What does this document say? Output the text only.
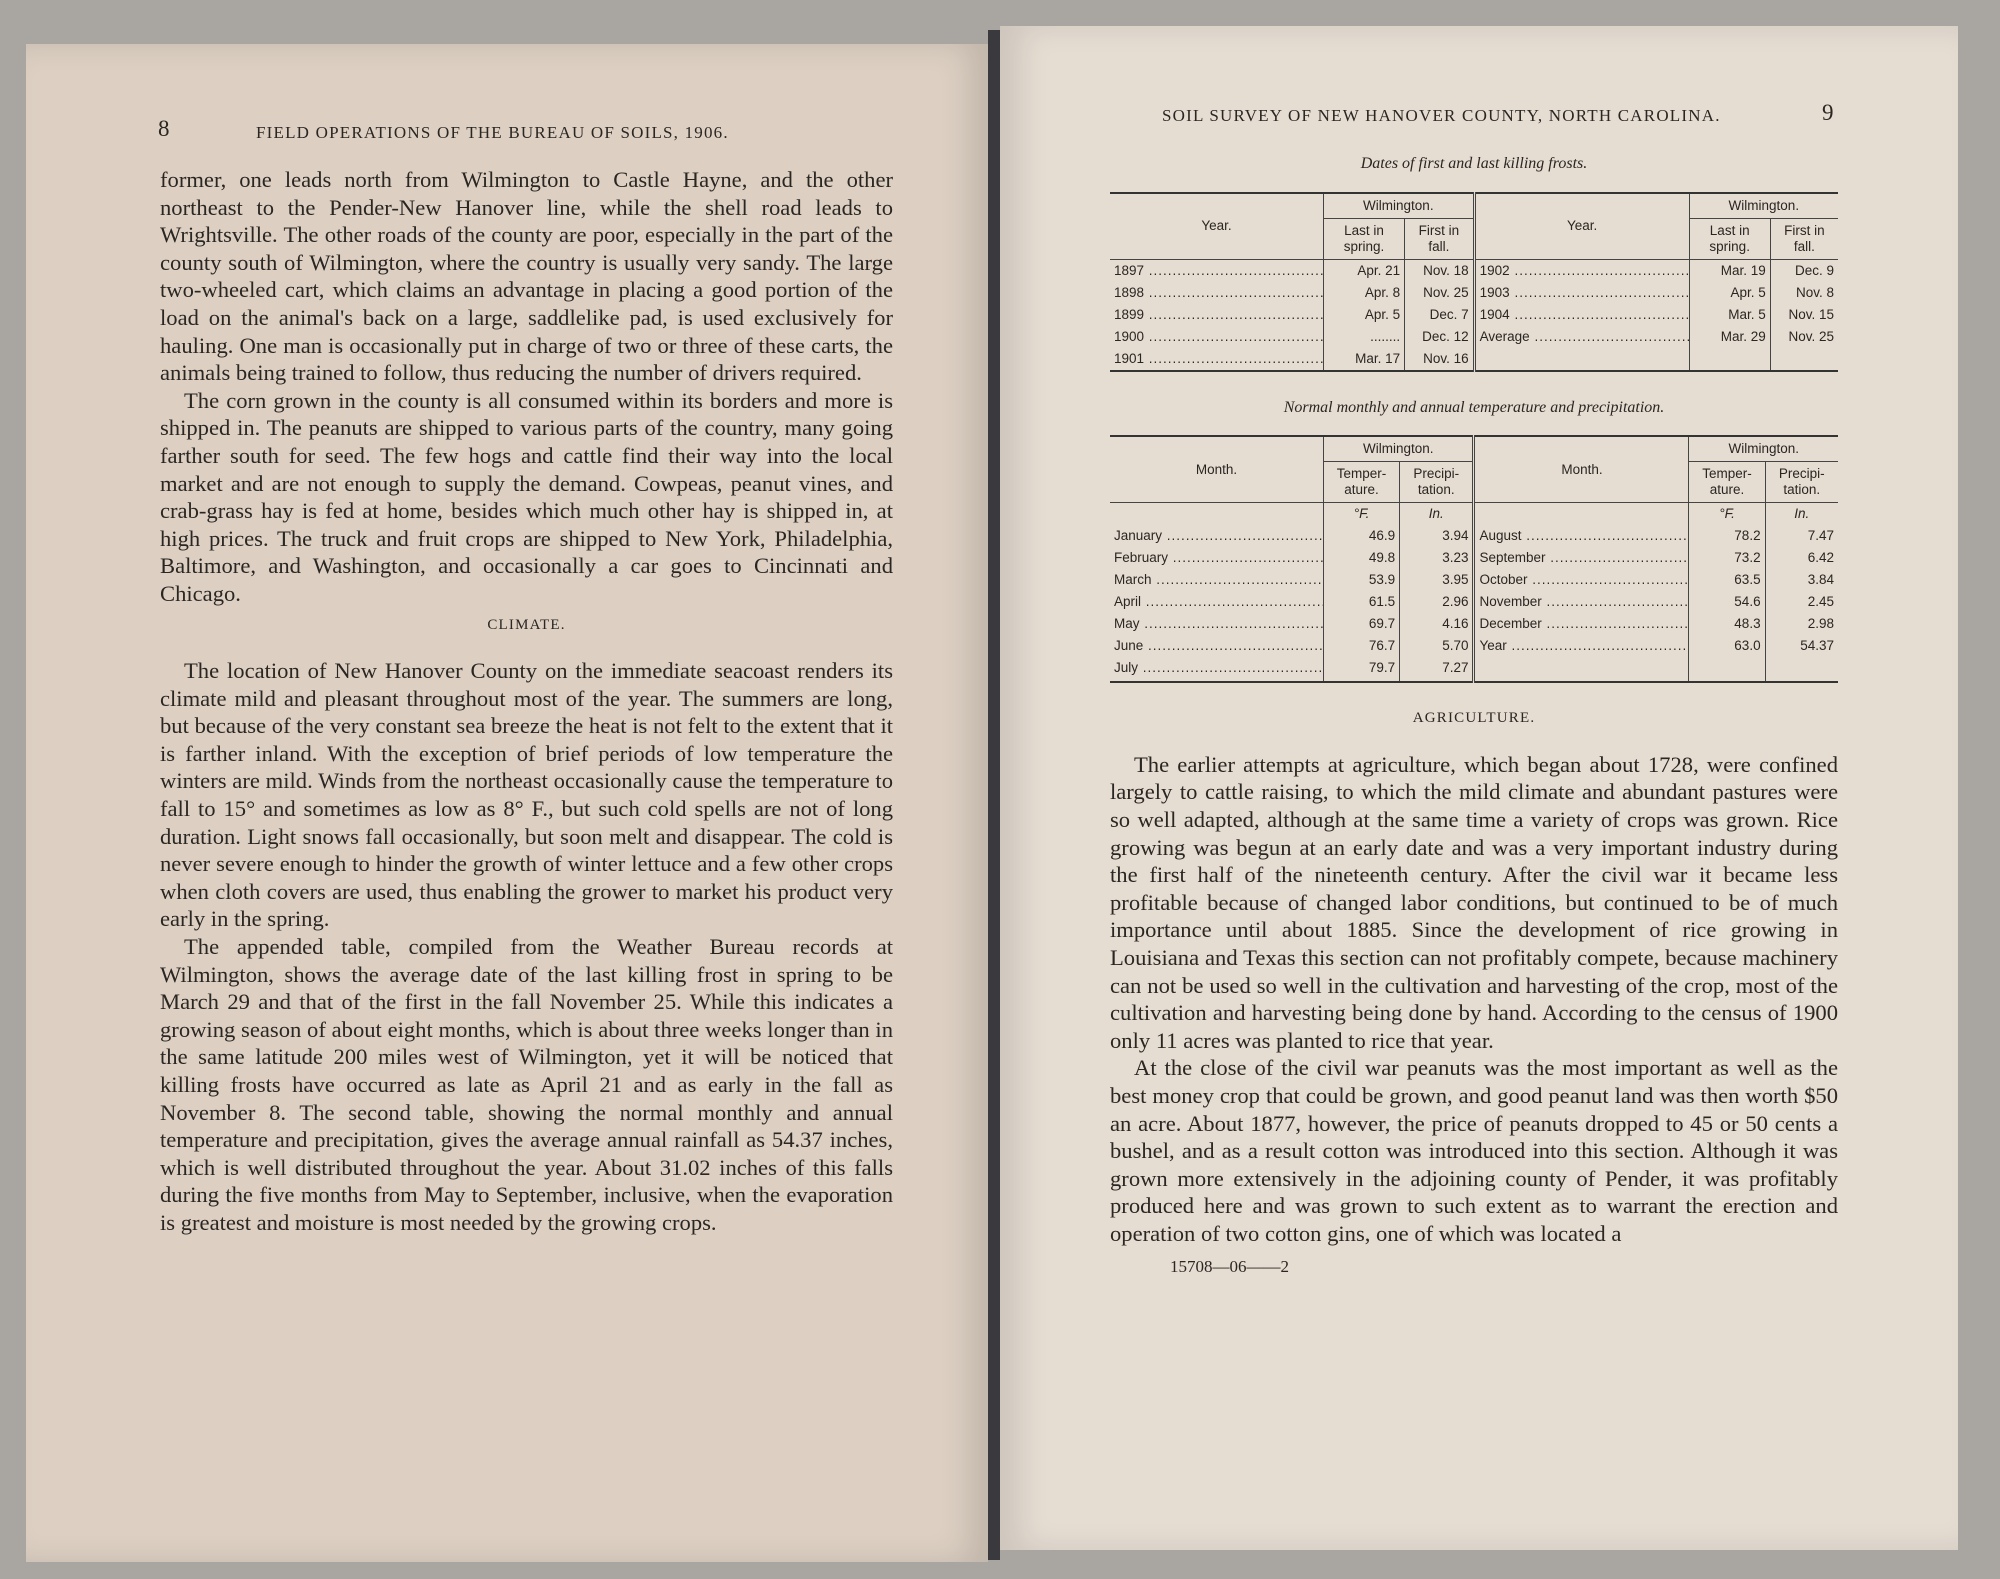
8	FIELD OPERATIONS OF THE BUREAU OF SOILS, 1906.

former, one leads north from Wilmington to Castle Hayne, and the other northeast to the Pender-New Hanover line, while the shell road leads to Wrightsville. The other roads of the county are poor, especially in the part of the county south of Wilmington, where the country is usually very sandy. The large two-wheeled cart, which claims an advantage in placing a good portion of the load on the animal's back on a large, saddlelike pad, is used exclusively for hauling. One man is occasionally put in charge of two or three of these carts, the animals being trained to follow, thus reducing the number of drivers required.

The corn grown in the county is all consumed within its borders and more is shipped in. The peanuts are shipped to various parts of the country, many going farther south for seed. The few hogs and cattle find their way into the local market and are not enough to supply the demand. Cowpeas, peanut vines, and crab-grass hay is fed at home, besides which much other hay is shipped in, at high prices. The truck and fruit crops are shipped to New York, Philadelphia, Baltimore, and Washington, and occasionally a car goes to Cincinnati and Chicago.

CLIMATE.

The location of New Hanover County on the immediate seacoast renders its climate mild and pleasant throughout most of the year. The summers are long, but because of the very constant sea breeze the heat is not felt to the extent that it is farther inland. With the exception of brief periods of low temperature the winters are mild. Winds from the northeast occasionally cause the temperature to fall to 15° and sometimes as low as 8° F., but such cold spells are not of long duration. Light snows fall occasionally, but soon melt and disappear. The cold is never severe enough to hinder the growth of winter lettuce and a few other crops when cloth covers are used, thus enabling the grower to market his product very early in the spring.

The appended table, compiled from the Weather Bureau records at Wilmington, shows the average date of the last killing frost in spring to be March 29 and that of the first in the fall November 25. While this indicates a growing season of about eight months, which is about three weeks longer than in the same latitude 200 miles west of Wilmington, yet it will be noticed that killing frosts have occurred as late as April 21 and as early in the fall as November 8. The second table, showing the normal monthly and annual temperature and precipitation, gives the average annual rainfall as 54.37 inches, which is well distributed throughout the year. About 31.02 inches of this falls during the five months from May to September, inclusive, when the evaporation is greatest and moisture is most needed by the growing crops.

SOIL SURVEY OF NEW HANOVER COUNTY, NORTH CAROLINA.	9
Dates of first and last killing frosts.
Year.	Wilmington.		Year.	Wilmington.	
	Last in spring.	First in fall.		Last in spring.	First in fall.
1897 .....	Apr. 21	Nov. 18	1902 .....	Mar. 19	Dec. 9
1898 .....	Apr. 8	Nov. 25	1903 .....	Apr. 5	Nov. 8
1899 .....	Apr. 5	Dec. 7	1904 .....	Mar. 5	Nov. 15
1900 .....	........	Dec. 12	Average .....	Mar. 29	Nov. 25
1901 .....	Mar. 17	Nov. 16			
Normal monthly and annual temperature and precipitation.
Month.	Wilmington.		Month.	Wilmington.	
	Temper- ature.	Precipi- tation.		Temper- ature.	Precipi- tation.
	°F.	In.		°F.	In.
January .....	46.9	3.94	August .....	78.2	7.47
February .....	49.8	3.23	September .....	73.2	6.42
March .....	53.9	3.95	October .....	63.5	3.84
April .....	61.5	2.96	November .....	54.6	2.45
May .....	69.7	4.16	December .....	48.3	2.98
June .....	76.7	5.70	Year .....	63.0	54.37
July .....	79.7	7.27			

AGRICULTURE.

The earlier attempts at agriculture, which began about 1728, were confined largely to cattle raising, to which the mild climate and abundant pastures were so well adapted, although at the same time a variety of crops was grown. Rice growing was begun at an early date and was a very important industry during the first half of the nineteenth century. After the civil war it became less profitable because of changed labor conditions, but continued to be of much importance until about 1885. Since the development of rice growing in Louisiana and Texas this section can not profitably compete, because machinery can not be used so well in the cultivation and harvesting of the crop, most of the cultivation and harvesting being done by hand. According to the census of 1900 only 11 acres was planted to rice that year.

At the close of the civil war peanuts was the most important as well as the best money crop that could be grown, and good peanut land was then worth $50 an acre. About 1877, however, the price of peanuts dropped to 45 or 50 cents a bushel, and as a result cotton was introduced into this section. Although it was grown more extensively in the adjoining county of Pender, it was profitably produced here and was grown to such extent as to warrant the erection and operation of two cotton gins, one of which was located a

15708—06——2
